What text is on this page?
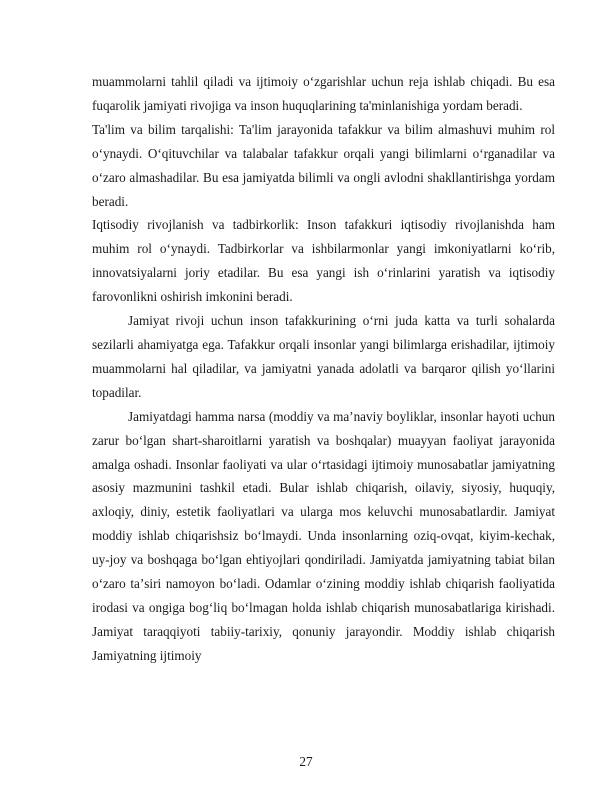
muammolarni tahlil qiladi va ijtimoiy oʻzgarishlar uchun reja ishlab chiqadi. Bu esa fuqarolik jamiyati rivojiga va inson huquqlarining ta'minlanishiga yordam beradi.

Ta'lim va bilim tarqalishi: Ta'lim jarayonida tafakkur va bilim almashuvi muhim rol oʻynaydi. Oʻqituvchilar va talabalar tafakkur orqali yangi bilimlarni oʻrganadilar va oʻzaro almashadilar. Bu esa jamiyatda bilimli va ongli avlodni shakllantirishga yordam beradi.

Iqtisodiy rivojlanish va tadbirkorlik: Inson tafakkuri iqtisodiy rivojlanishda ham muhim rol oʻynaydi. Tadbirkorlar va ishbilarmonlar yangi imkoniyatlarni koʻrib, innovatsiyalarni joriy etadilar. Bu esa yangi ish oʻrinlarini yaratish va iqtisodiy farovonlikni oshirish imkonini beradi.

Jamiyat rivoji uchun inson tafakkurining oʻrni juda katta va turli sohalarda sezilarli ahamiyatga ega. Tafakkur orqali insonlar yangi bilimlarga erishadilar, ijtimoiy muammolarni hal qiladilar, va jamiyatni yanada adolatli va barqaror qilish yoʻllarini topadilar.

Jamiyatdagi hamma narsa (moddiy va maʼnaviy boyliklar, insonlar hayoti uchun zarur boʻlgan shart-sharoitlarni yaratish va boshqalar) muayyan faoliyat jarayonida amalga oshadi. Insonlar faoliyati va ular oʻrtasidagi ijtimoiy munosabatlar jamiyatning asosiy mazmunini tashkil etadi. Bular ishlab chiqarish, oilaviy, siyosiy, huquqiy, axloqiy, diniy, estetik faoliyatlari va ularga mos keluvchi munosabatlardir. Jamiyat moddiy ishlab chiqarishsiz boʻlmaydi. Unda insonlarning oziq-ovqat, kiyim-kechak, uy-joy va boshqaga boʻlgan ehtiyojlari qondiriladi. Jamiyatda jamiyatning tabiat bilan oʻzaro taʼsiri namoyon boʻladi. Odamlar oʻzining moddiy ishlab chiqarish faoliyatida irodasi va ongiga bogʻliq boʻlmagan holda ishlab chiqarish munosabatlariga kirishadi. Jamiyat taraqqiyoti tabiiy-tarixiy, qonuniy jarayondir. Moddiy ishlab chiqarish Jamiyatning ijtimoiy

27
